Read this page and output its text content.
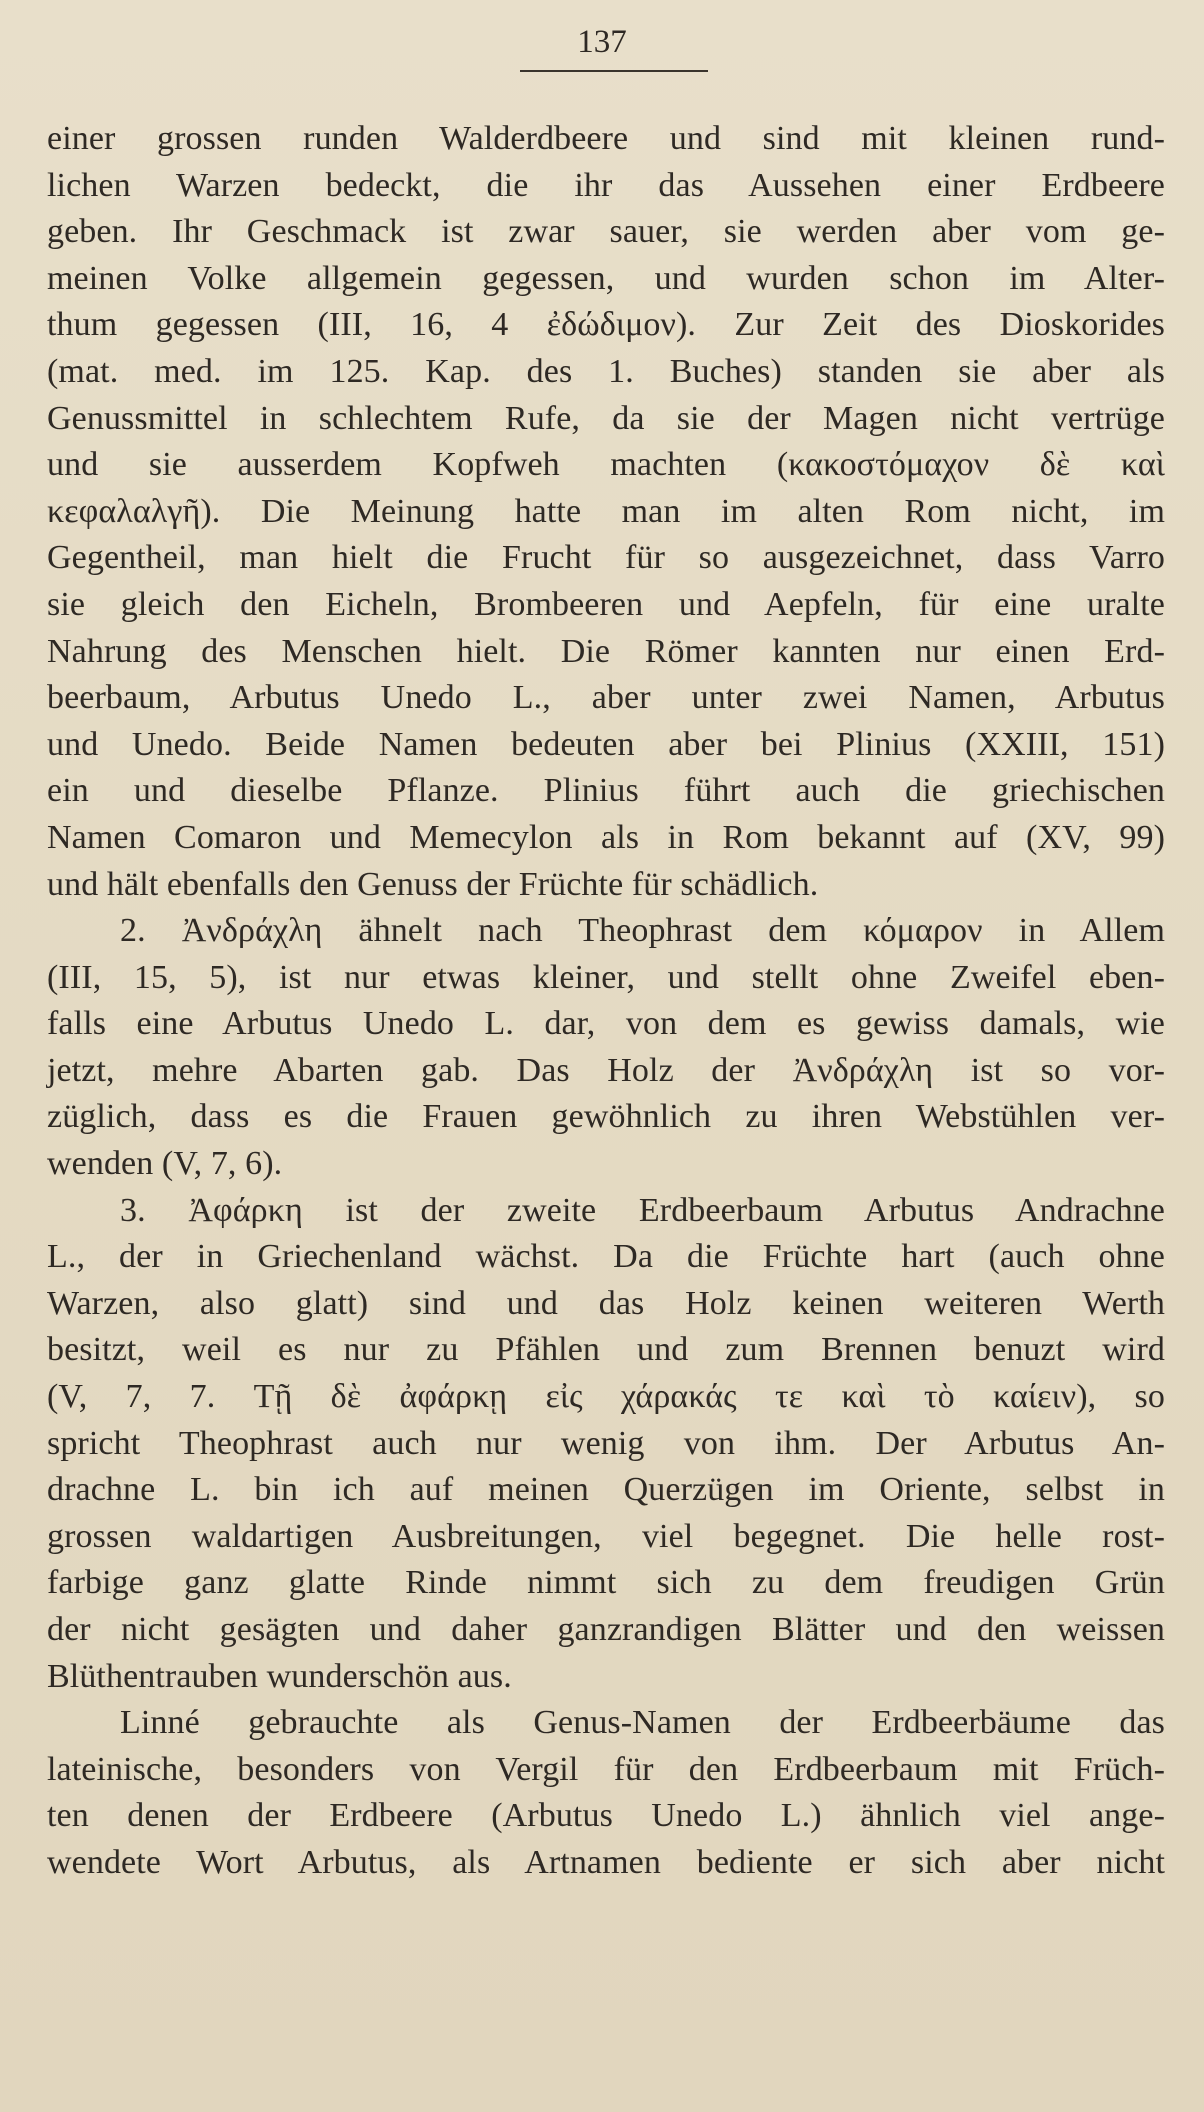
137
einer grossen runden Walderdbeere und sind mit kleinen rund-
lichen Warzen bedeckt, die ihr das Aussehen einer Erdbeere
geben. Ihr Geschmack ist zwar sauer, sie werden aber vom ge-
meinen Volke allgemein gegessen, und wurden schon im Alter-
thum gegessen (III, 16, 4 ἐδώδιμον). Zur Zeit des Dioskorides
(mat. med. im 125. Kap. des 1. Buches) standen sie aber als
Genussmittel in schlechtem Rufe, da sie der Magen nicht vertrüge
und sie ausserdem Kopfweh machten (κακοστόμαχον δὲ καὶ
κεφαλαλγῆ). Die Meinung hatte man im alten Rom nicht, im
Gegentheil, man hielt die Frucht für so ausgezeichnet, dass Varro
sie gleich den Eicheln, Brombeeren und Aepfeln, für eine uralte
Nahrung des Menschen hielt. Die Römer kannten nur einen Erd-
beerbaum, Arbutus Unedo L., aber unter zwei Namen, Arbutus
und Unedo. Beide Namen bedeuten aber bei Plinius (XXIII, 151)
ein und dieselbe Pflanze. Plinius führt auch die griechischen
Namen Comaron und Memecylon als in Rom bekannt auf (XV, 99)
und hält ebenfalls den Genuss der Früchte für schädlich.
2. Ἀνδράχλη ähnelt nach Theophrast dem κόμαρον in Allem
(III, 15, 5), ist nur etwas kleiner, und stellt ohne Zweifel eben-
falls eine Arbutus Unedo L. dar, von dem es gewiss damals, wie
jetzt, mehre Abarten gab. Das Holz der Ἀνδράχλη ist so vor-
züglich, dass es die Frauen gewöhnlich zu ihren Webstühlen ver-
wenden (V, 7, 6).
3. Ἀφάρκη ist der zweite Erdbeerbaum Arbutus Andrachne
L., der in Griechenland wächst. Da die Früchte hart (auch ohne
Warzen, also glatt) sind und das Holz keinen weiteren Werth
besitzt, weil es nur zu Pfählen und zum Brennen benuzt wird
(V, 7, 7. Τῇ δὲ ἀφάρκῃ εἰς χάρακάς τε καὶ τὸ καίειν), so
spricht Theophrast auch nur wenig von ihm. Der Arbutus An-
drachne L. bin ich auf meinen Querzügen im Oriente, selbst in
grossen waldartigen Ausbreitungen, viel begegnet. Die helle rost-
farbige ganz glatte Rinde nimmt sich zu dem freudigen Grün
der nicht gesägten und daher ganzrandigen Blätter und den weissen
Blüthentrauben wunderschön aus.
Linné gebrauchte als Genus-Namen der Erdbeerbäume das
lateinische, besonders von Vergil für den Erdbeerbaum mit Früch-
ten denen der Erdbeere (Arbutus Unedo L.) ähnlich viel ange-
wendete Wort Arbutus, als Artnamen bediente er sich aber nicht
